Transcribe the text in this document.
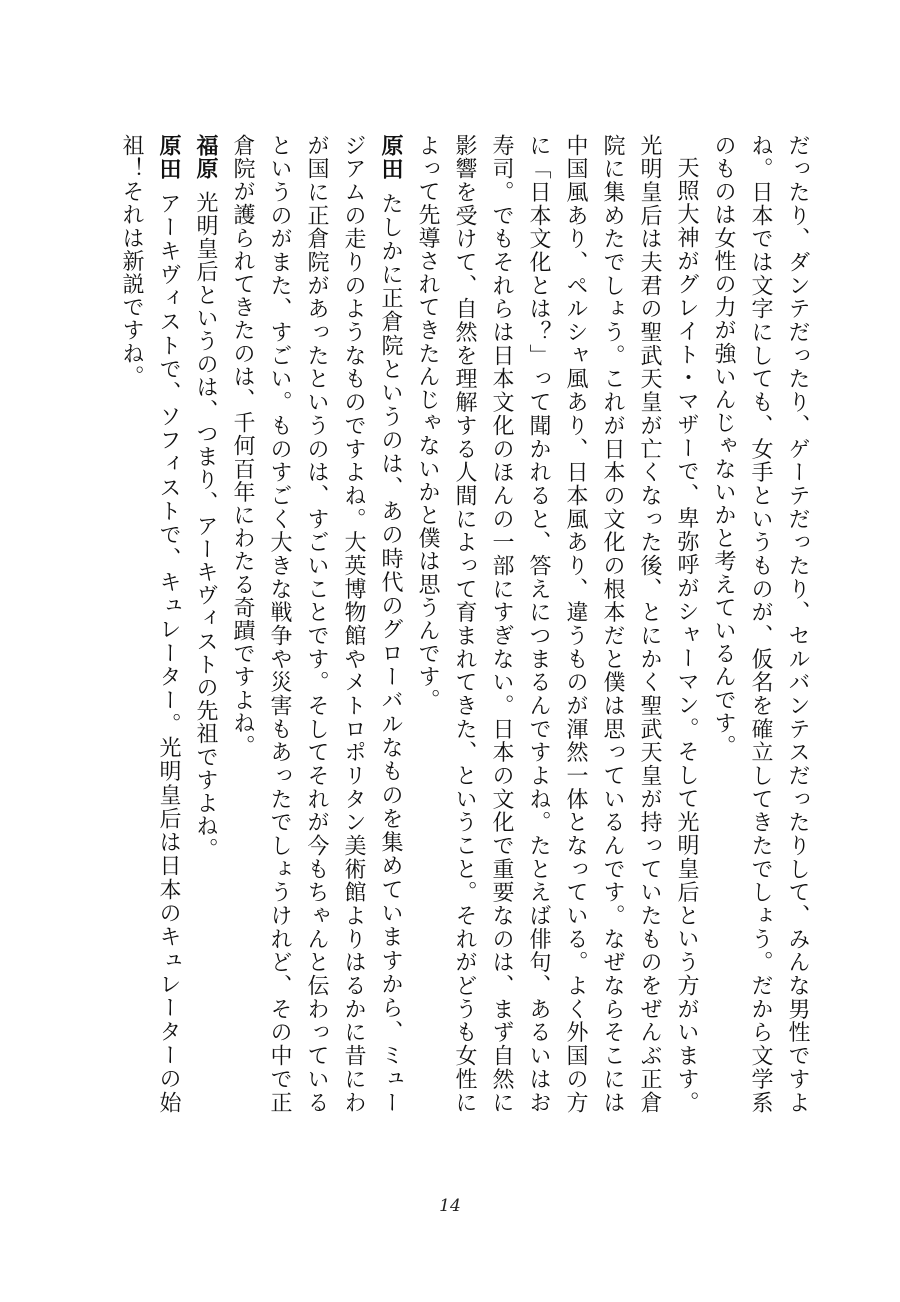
だったり、ダンテだったり、ゲーテだったり、セルバンテスだったりして、みんな男性ですよね。日本では文字にしても、女手というものが、仮名を確立してきたでしょう。だから文学系のものは女性の力が強いんじゃないかと考えているんです。

天照大神がグレイト・マザーで、卑弥呼がシャーマン。そして光明皇后という方がいます。光明皇后は夫君の聖武天皇が亡くなった後、とにかく聖武天皇が持っていたものをぜんぶ正倉院に集めたでしょう。これが日本の文化の根本だと僕は思っているんです。なぜならそこには中国風あり、ペルシャ風あり、日本風あり、違うものが渾然一体となっている。よく外国の方に「日本文化とは？」って聞かれると、答えにつまるんですよね。たとえば俳句、あるいはお寿司。でもそれらは日本文化のほんの一部にすぎない。日本の文化で重要なのは、まず自然に影響を受けて、自然を理解する人間によって育まれてきた、ということ。それがどうも女性によって先導されてきたんじゃないかと僕は思うんです。

原田たしかに正倉院というのは、あの時代のグローバルなものを集めていますから、ミュージアムの走りのようなものですよね。大英博物館やメトロポリタン美術館よりはるかに昔にわが国に正倉院があったというのは、すごいことです。そしてそれが今もちゃんと伝わっているというのがまた、すごい。ものすごく大きな戦争や災害もあったでしょうけれど、その中で正倉院が護られてきたのは、千何百年にわたる奇蹟ですよね。

福原光明皇后というのは、つまり、アーキヴィストの先祖ですよね。

原田アーキヴィストで、ソフィストで、キュレーター。光明皇后は日本のキュレーターの始祖！それは新説ですね。

14
